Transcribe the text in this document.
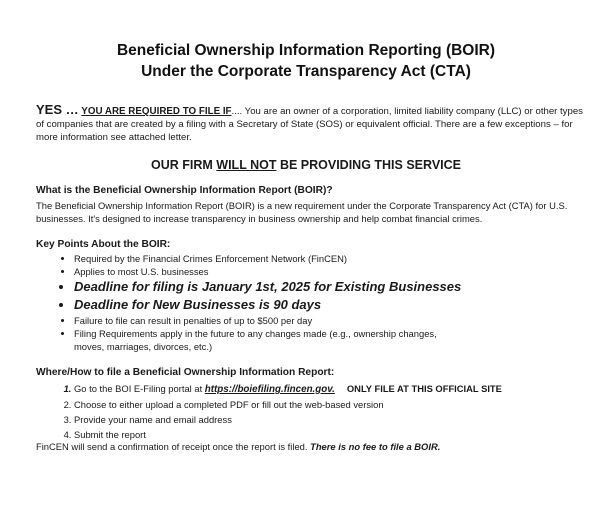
Beneficial Ownership Information Reporting (BOIR)
Under the Corporate Transparency Act (CTA)
YES … YOU ARE REQUIRED TO FILE IF.... You are an owner of a corporation, limited liability company (LLC) or other types of companies that are created by a filing with a Secretary of State (SOS) or equivalent official. There are a few exceptions – for more information see attached letter.
OUR FIRM WILL NOT BE PROVIDING THIS SERVICE
What is the Beneficial Ownership Information Report (BOIR)?
The Beneficial Ownership Information Report (BOIR) is a new requirement under the Corporate Transparency Act (CTA) for U.S. businesses. It's designed to increase transparency in business ownership and help combat financial crimes.
Key Points About the BOIR:
• Required by the Financial Crimes Enforcement Network (FinCEN)
• Applies to most U.S. businesses
• Deadline for filing is January 1st, 2025 for Existing Businesses
• Deadline for New Businesses is 90 days
• Failure to file can result in penalties of up to $500 per day
• Filing Requirements apply in the future to any changes made (e.g., ownership changes, moves, marriages, divorces, etc.)
Where/How to file a Beneficial Ownership Information Report:
1. Go to the BOI E-Filing portal at https://boiefiling.fincen.gov. ONLY FILE AT THIS OFFICIAL SITE
2. Choose to either upload a completed PDF or fill out the web-based version
3. Provide your name and email address
4. Submit the report
FinCEN will send a confirmation of receipt once the report is filed. There is no fee to file a BOIR.
